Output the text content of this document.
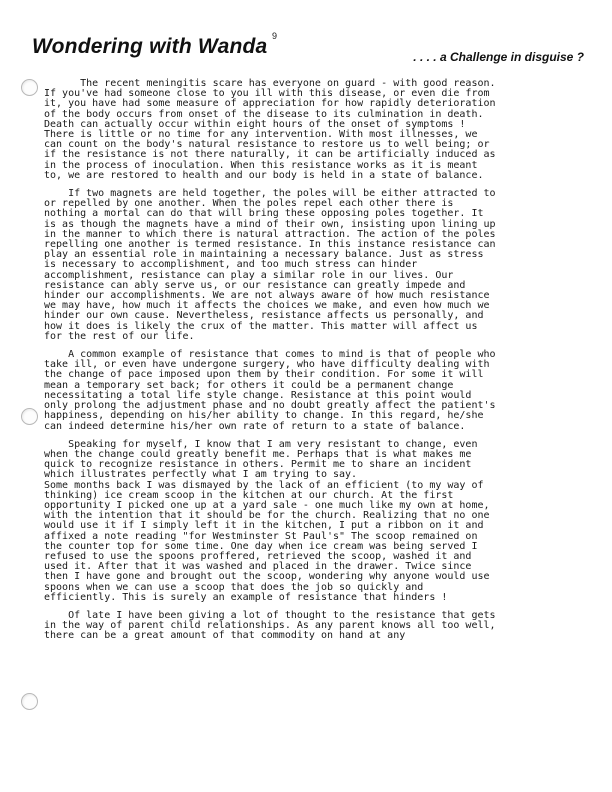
9
Wondering with Wanda	. . . . a Challenge in disguise ?
The recent meningitis scare has everyone on guard - with good reason.
If you've had someone close to you ill with this disease, or even die from
it, you have had some measure of appreciation for how rapidly deterioration
of the body occurs from onset of the disease to its culmination in death.
Death can actually occur within eight hours of the onset of symptoms !
There is little or no time for any intervention. With most illnesses, we
can count on the body's natural resistance to restore us to well being; or
if the resistance is not there naturally, it can be artificially induced as
in the process of inoculation. When this resistance works as it is meant
to, we are restored to health and our body is held in a state of balance.
If two magnets are held together, the poles will be either attracted to
or repelled by one another. When the poles repel each other there is
nothing a mortal can do that will bring these opposing poles together. It
is as though the magnets have a mind of their own, insisting upon lining up
in the manner to which there is natural attraction. The action of the poles
repelling one another is termed resistance. In this instance resistance can
play an essential role in maintaining a necessary balance. Just as stress
is necessary to accomplishment, and too much stress can hinder
accomplishment, resistance can play a similar role in our lives. Our
resistance can ably serve us, or our resistance can greatly impede and
hinder our accomplishments. We are not always aware of how much resistance
we may have, how much it affects the choices we make, and even how much we
hinder our own cause. Nevertheless, resistance affects us personally, and
how it does is likely the crux of the matter. This matter will affect us
for the rest of our life.
A common example of resistance that comes to mind is that of people who
take ill, or even have undergone surgery, who have difficulty dealing with
the change of pace imposed upon them by their condition. For some it will
mean a temporary set back; for others it could be a permanent change
necessitating a total life style change. Resistance at this point would
only prolong the adjustment phase and no doubt greatly affect the patient's
happiness, depending on his/her ability to change. In this regard, he/she
can indeed determine his/her own rate of return to a state of balance.
Speaking for myself, I know that I am very resistant to change, even
when the change could greatly benefit me. Perhaps that is what makes me
quick to recognize resistance in others. Permit me to share an incident
which illustrates perfectly what I am trying to say.
Some months back I was dismayed by the lack of an efficient (to my way of
thinking) ice cream scoop in the kitchen at our church. At the first
opportunity I picked one up at a yard sale - one much like my own at home,
with the intention that it should be for the church. Realizing that no one
would use it if I simply left it in the kitchen, I put a ribbon on it and
affixed a note reading "for Westminster St Paul's" The scoop remained on
the counter top for some time. One day when ice cream was being served I
refused to use the spoons proffered, retrieved the scoop, washed it and
used it. After that it was washed and placed in the drawer. Twice since
then I have gone and brought out the scoop, wondering why anyone would use
spoons when we can use a scoop that does the job so quickly and
efficiently. This is surely an example of resistance that hinders !
Of late I have been giving a lot of thought to the resistance that gets
in the way of parent child relationships. As any parent knows all too well,
there can be a great amount of that commodity on hand at any
